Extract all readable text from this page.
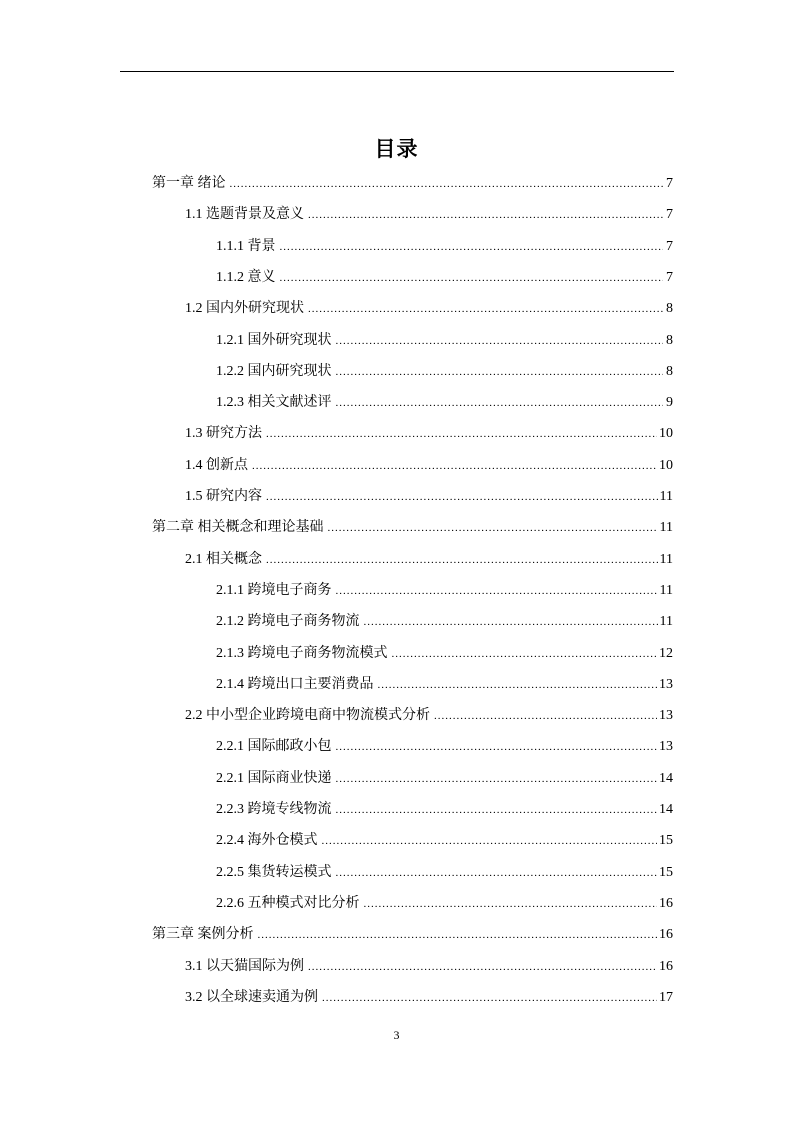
目录
第一章 绪论 .....	7
1.1 选题背景及意义 .....	7
1.1.1 背景 .....	7
1.1.2 意义 .....	7
1.2 国内外研究现状 .....	8
1.2.1 国外研究现状 .....	8
1.2.2 国内研究现状 .....	8
1.2.3 相关文献述评 .....	9
1.3 研究方法 .....	10
1.4 创新点 .....	10
1.5 研究内容 .....	11
第二章 相关概念和理论基础 .....	11
2.1 相关概念 .....	11
2.1.1 跨境电子商务 .....	11
2.1.2 跨境电子商务物流 .....	11
2.1.3 跨境电子商务物流模式 .....	12
2.1.4 跨境出口主要消费品 .....	13
2.2 中小型企业跨境电商中物流模式分析 .....	13
2.2.1 国际邮政小包 .....	13
2.2.1 国际商业快递 .....	14
2.2.3 跨境专线物流 .....	14
2.2.4 海外仓模式 .....	15
2.2.5 集货转运模式 .....	15
2.2.6 五种模式对比分析 .....	16
第三章 案例分析 .....	16
3.1 以天猫国际为例 .....	16
3.2 以全球速卖通为例 .....	17
3
